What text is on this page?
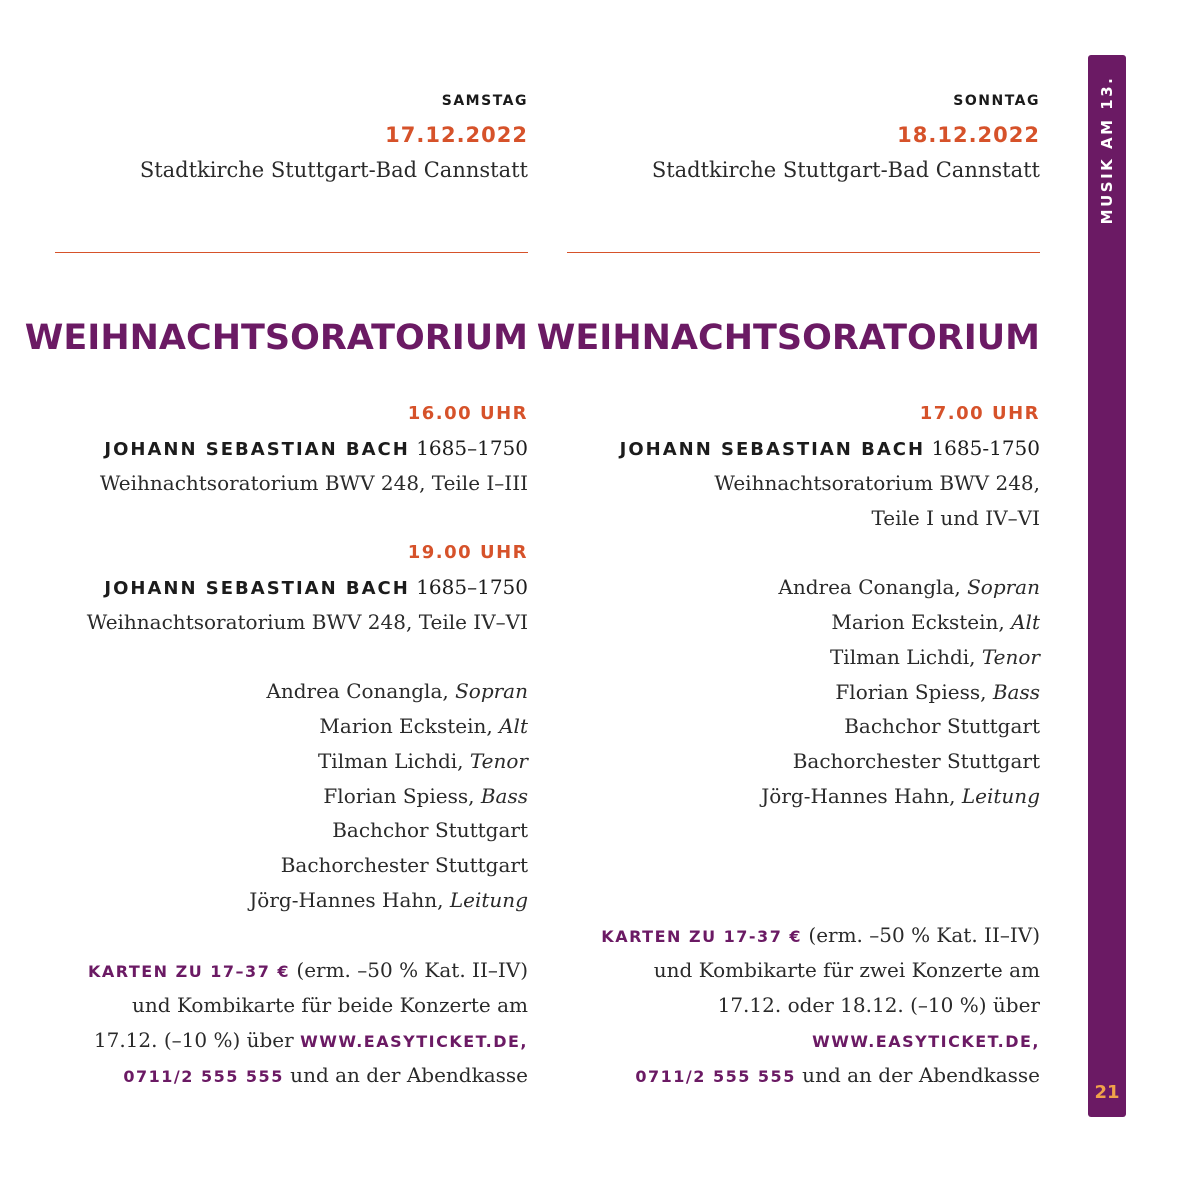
SAMSTAG
17.12.2022
Stadtkirche Stuttgart-Bad Cannstatt
WEIHNACHTSORATORIUM
16.00 UHR
JOHANN SEBASTIAN BACH 1685–1750
Weihnachtsoratorium BWV 248, Teile I–III
19.00 UHR
JOHANN SEBASTIAN BACH 1685–1750
Weihnachtsoratorium BWV 248, Teile IV–VI
Andrea Conangla, Sopran
Marion Eckstein, Alt
Tilman Lichdi, Tenor
Florian Spiess, Bass
Bachchor Stuttgart
Bachorchester Stuttgart
Jörg-Hannes Hahn, Leitung
KARTEN ZU 17–37 € (erm. –50 % Kat. II–IV)
und Kombikarte für beide Konzerte am
17.12. (–10 %) über WWW.EASYTICKET.DE,
0711/2 555 555 und an der Abendkasse
SONNTAG
18.12.2022
Stadtkirche Stuttgart-Bad Cannstatt
WEIHNACHTSORATORIUM
17.00 UHR
JOHANN SEBASTIAN BACH 1685-1750
Weihnachtsoratorium BWV 248,
Teile I und IV–VI
Andrea Conangla, Sopran
Marion Eckstein, Alt
Tilman Lichdi, Tenor
Florian Spiess, Bass
Bachchor Stuttgart
Bachorchester Stuttgart
Jörg-Hannes Hahn, Leitung
KARTEN ZU 17-37 € (erm. –50 % Kat. II–IV)
und Kombikarte für zwei Konzerte am
17.12. oder 18.12. (–10 %) über
WWW.EASYTICKET.DE,
0711/2 555 555 und an der Abendkasse
MUSIK AM 13.
21
